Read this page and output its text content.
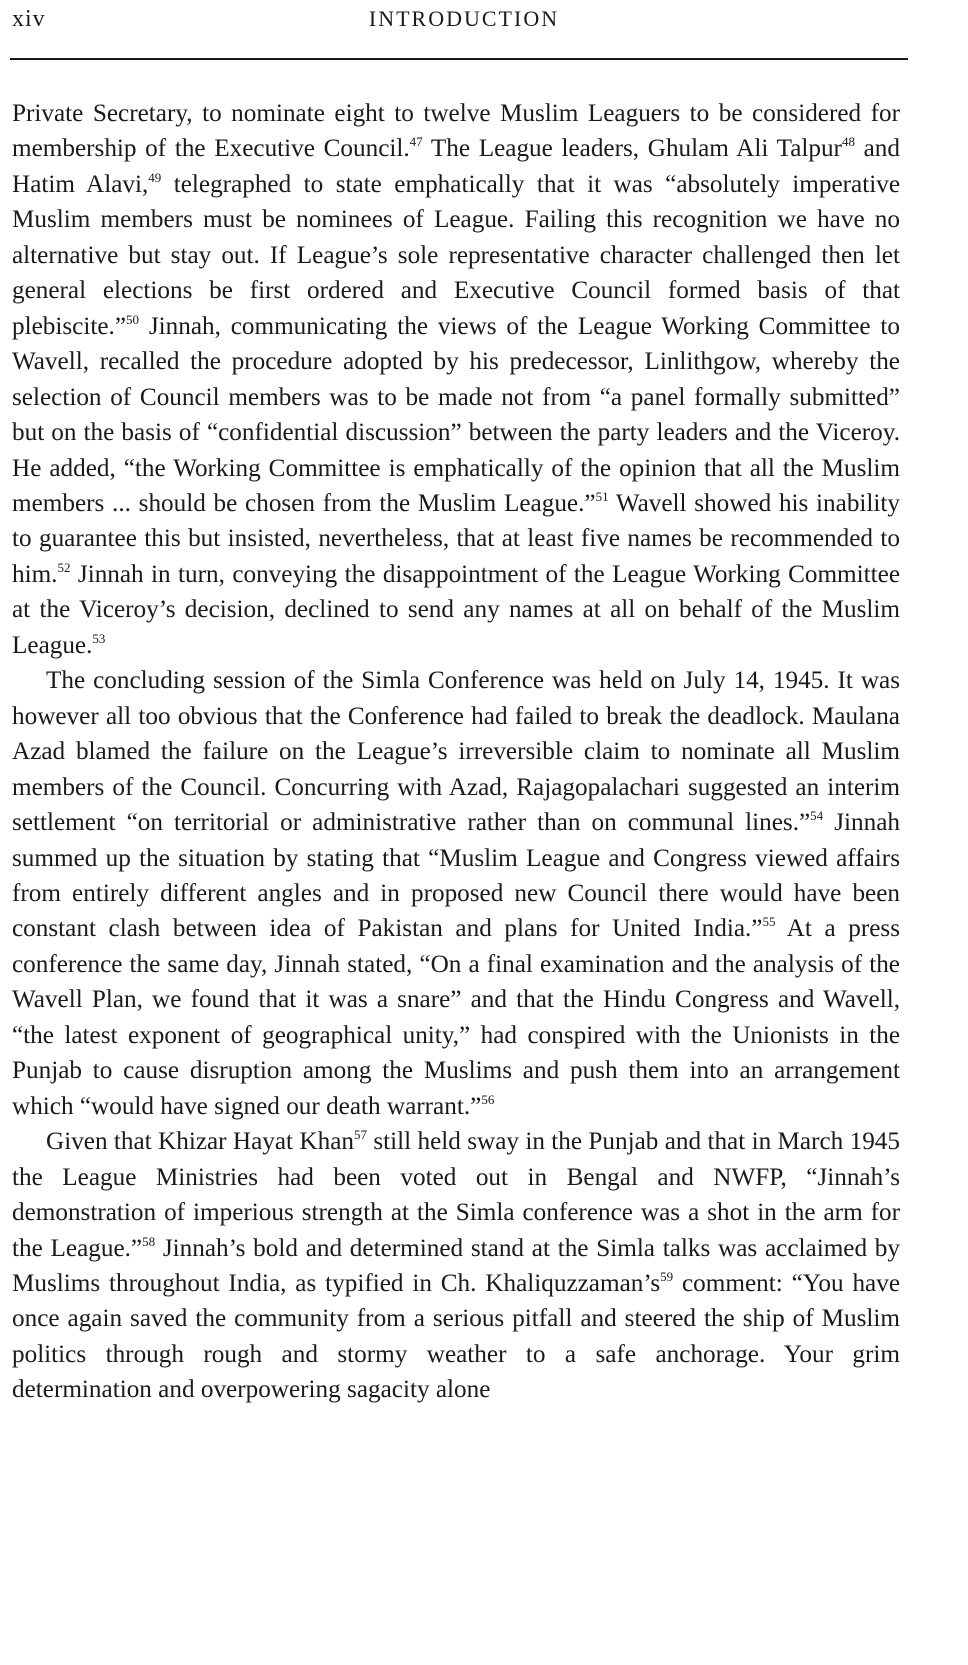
xiv	INTRODUCTION

Private Secretary, to nominate eight to twelve Muslim Leaguers to be considered for membership of the Executive Council.$^{47}$ The League leaders, Ghulam Ali Talpur$^{48}$ and Hatim Alavi,$^{49}$ telegraphed to state emphatically that it was “absolutely imperative Muslim members must be nominees of League. Failing this recognition we have no alternative but stay out. If League’s sole representative character challenged then let general elections be first ordered and Executive Council formed basis of that plebiscite.”$^{50}$ Jinnah, communicating the views of the League Working Committee to Wavell, recalled the procedure adopted by his predecessor, Linlithgow, whereby the selection of Council members was to be made not from “a panel formally submitted” but on the basis of “confidential discussion” between the party leaders and the Viceroy. He added, “the Working Committee is emphatically of the opinion that all the Muslim members ... should be chosen from the Muslim League.”$^{51}$ Wavell showed his inability to guarantee this but insisted, nevertheless, that at least five names be recommended to him.$^{52}$ Jinnah in turn, conveying the disappointment of the League Working Committee at the Viceroy’s decision, declined to send any names at all on behalf of the Muslim League.$^{53}$

The concluding session of the Simla Conference was held on July 14, 1945. It was however all too obvious that the Conference had failed to break the deadlock. Maulana Azad blamed the failure on the League’s irreversible claim to nominate all Muslim members of the Council. Concurring with Azad, Rajagopalachari suggested an interim settlement “on territorial or administrative rather than on communal lines.”$^{54}$ Jinnah summed up the situation by stating that “Muslim League and Congress viewed affairs from entirely different angles and in proposed new Council there would have been constant clash between idea of Pakistan and plans for United India.”$^{55}$ At a press conference the same day, Jinnah stated, “On a final examination and the analysis of the Wavell Plan, we found that it was a snare” and that the Hindu Congress and Wavell, “the latest exponent of geographical unity,” had conspired with the Unionists in the Punjab to cause disruption among the Muslims and push them into an arrangement which “would have signed our death warrant.”$^{56}$

Given that Khizar Hayat Khan$^{57}$ still held sway in the Punjab and that in March 1945 the League Ministries had been voted out in Bengal and NWFP, “Jinnah’s demonstration of imperious strength at the Simla conference was a shot in the arm for the League.”$^{58}$ Jinnah’s bold and determined stand at the Simla talks was acclaimed by Muslims throughout India, as typified in Ch. $Khaliquzzaman’s^{59}$ comment: “You have once again saved the community from a serious pitfall and steered the ship of Muslim politics through rough and stormy weather to a safe anchorage. Your grim determination and overpowering sagacity alone
